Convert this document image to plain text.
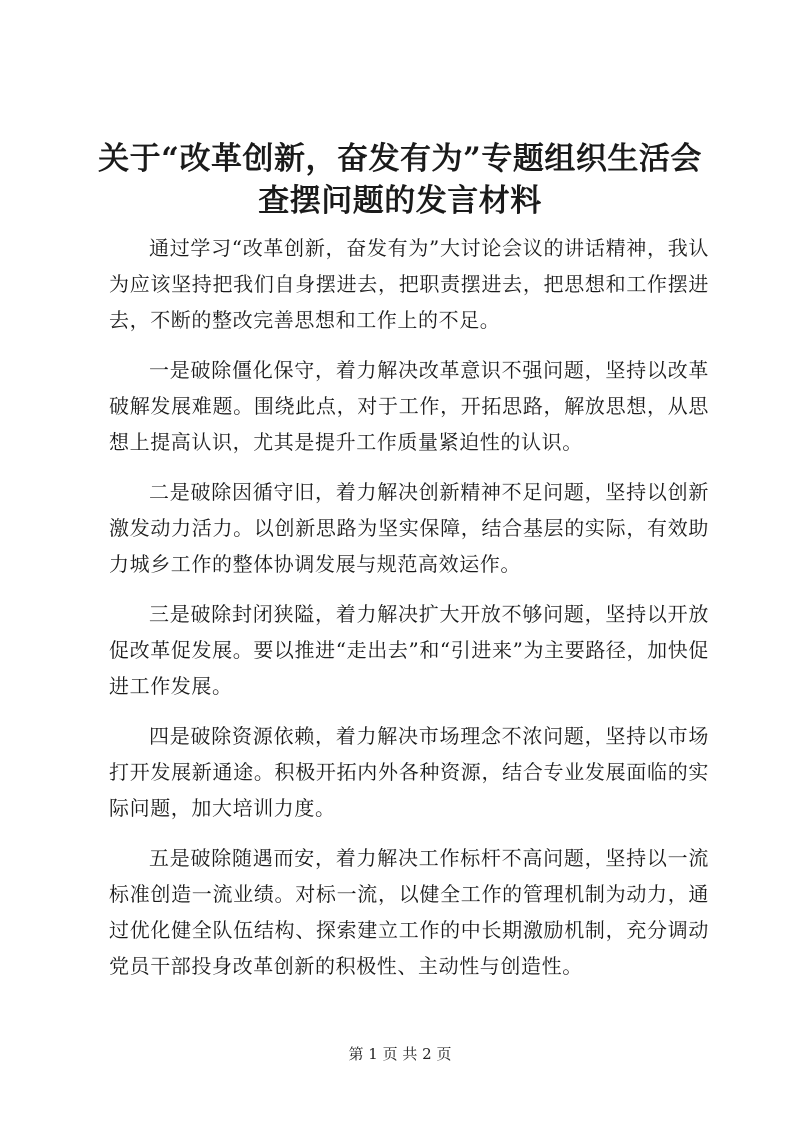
关于“改革创新，奋发有为”专题组织生活会
查摆问题的发言材料

通过学习“改革创新，奋发有为”大讨论会议的讲话精神，我认为应该坚持把我们自身摆进去，把职责摆进去，把思想和工作摆进去，不断的整改完善思想和工作上的不足。

一是破除僵化保守，着力解决改革意识不强问题，坚持以改革破解发展难题。围绕此点，对于工作，开拓思路，解放思想，从思想上提高认识，尤其是提升工作质量紧迫性的认识。

二是破除因循守旧，着力解决创新精神不足问题，坚持以创新激发动力活力。以创新思路为坚实保障，结合基层的实际，有效助力城乡工作的整体协调发展与规范高效运作。

三是破除封闭狭隘，着力解决扩大开放不够问题，坚持以开放促改革促发展。要以推进“走出去”和“引进来”为主要路径，加快促进工作发展。

四是破除资源依赖，着力解决市场理念不浓问题，坚持以市场打开发展新通途。积极开拓内外各种资源，结合专业发展面临的实际问题，加大培训力度。

五是破除随遇而安，着力解决工作标杆不高问题，坚持以一流标准创造一流业绩。对标一流，以健全工作的管理机制为动力，通过优化健全队伍结构、探索建立工作的中长期激励机制，充分调动党员干部投身改革创新的积极性、主动性与创造性。

第 1 页 共 2 页
